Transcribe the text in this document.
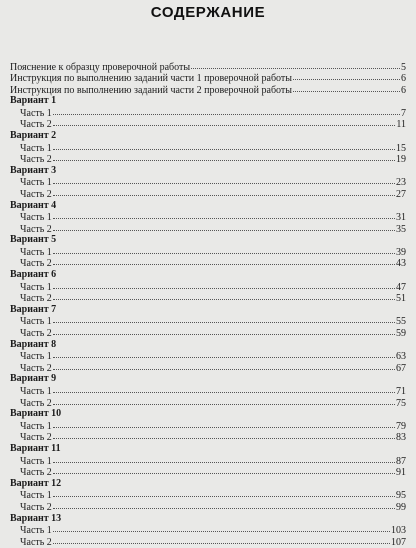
СОДЕРЖАНИЕ
Пояснение к образцу проверочной работы	5
Инструкция по выполнению заданий части 1 проверочной работы	6
Инструкция по выполнению заданий части 2 проверочной работы	6
Вариант 1
Часть 1	7
Часть 2	11
Вариант 2
Часть 1	15
Часть 2	19
Вариант 3
Часть 1	23
Часть 2	27
Вариант 4
Часть 1	31
Часть 2	35
Вариант 5
Часть 1	39
Часть 2	43
Вариант 6
Часть 1	47
Часть 2	51
Вариант 7
Часть 1	55
Часть 2	59
Вариант 8
Часть 1	63
Часть 2	67
Вариант 9
Часть 1	71
Часть 2	75
Вариант 10
Часть 1	79
Часть 2	83
Вариант 11
Часть 1	87
Часть 2	91
Вариант 12
Часть 1	95
Часть 2	99
Вариант 13
Часть 1	103
Часть 2	107
